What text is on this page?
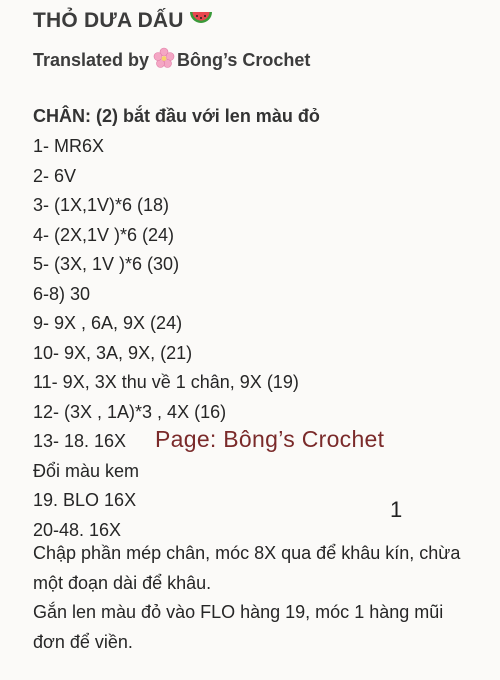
THỎ DƯA DẤU
Translated by Bông’s Crochet
CHÂN: (2) bắt đầu với len màu đỏ
1- MR6X
2- 6V
3- (1X,1V)*6 (18)
4- (2X,1V )*6 (24)
5- (3X, 1V )*6 (30)
6-8) 30
9- 9X , 6A, 9X (24)
10- 9X, 3A, 9X, (21)
11- 9X, 3X thu về 1 chân, 9X (19)
12- (3X , 1A)*3 , 4X (16)
13- 18. 16X
Đổi màu kem
19. BLO 16X
20-48. 16X
Chập phần mép chân, móc 8X qua để khâu kín, chừa một đoạn dài để khâu.
Gắn len màu đỏ vào FLO hàng 19, móc 1 hàng mũi đơn để viền.
Page: Bông’s Crochet
1
